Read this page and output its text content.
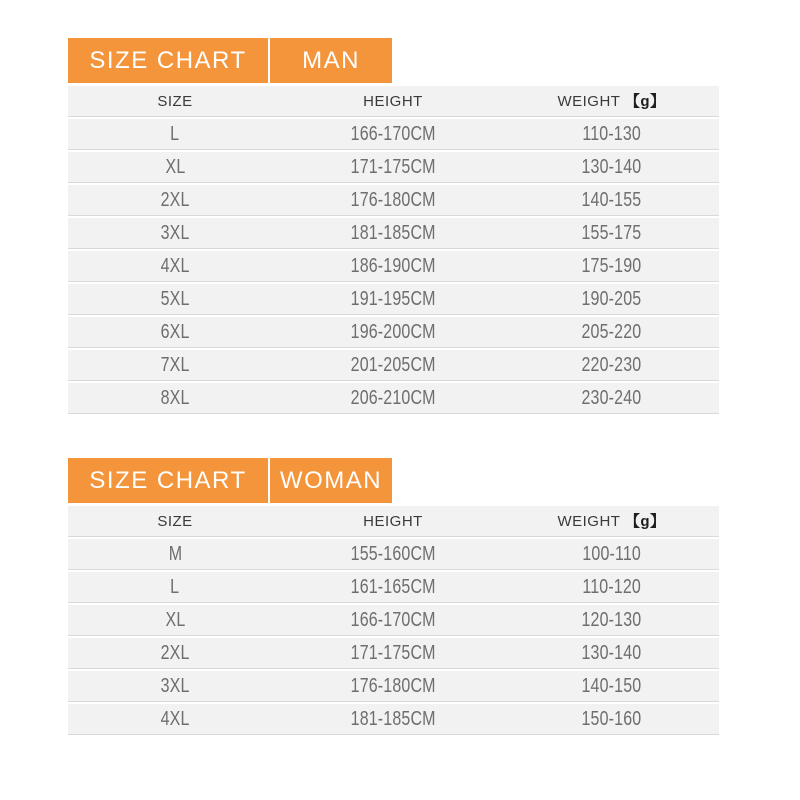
SIZE CHART MAN
SIZE	HEIGHT	WEIGHT 【g】
L	166-170CM	110-130
XL	171-175CM	130-140
2XL	176-180CM	140-155
3XL	181-185CM	155-175
4XL	186-190CM	175-190
5XL	191-195CM	190-205
6XL	196-200CM	205-220
7XL	201-205CM	220-230
8XL	206-210CM	230-240
SIZE CHART WOMAN
SIZE	HEIGHT	WEIGHT 【g】
M	155-160CM	100-110
L	161-165CM	110-120
XL	166-170CM	120-130
2XL	171-175CM	130-140
3XL	176-180CM	140-150
4XL	181-185CM	150-160
